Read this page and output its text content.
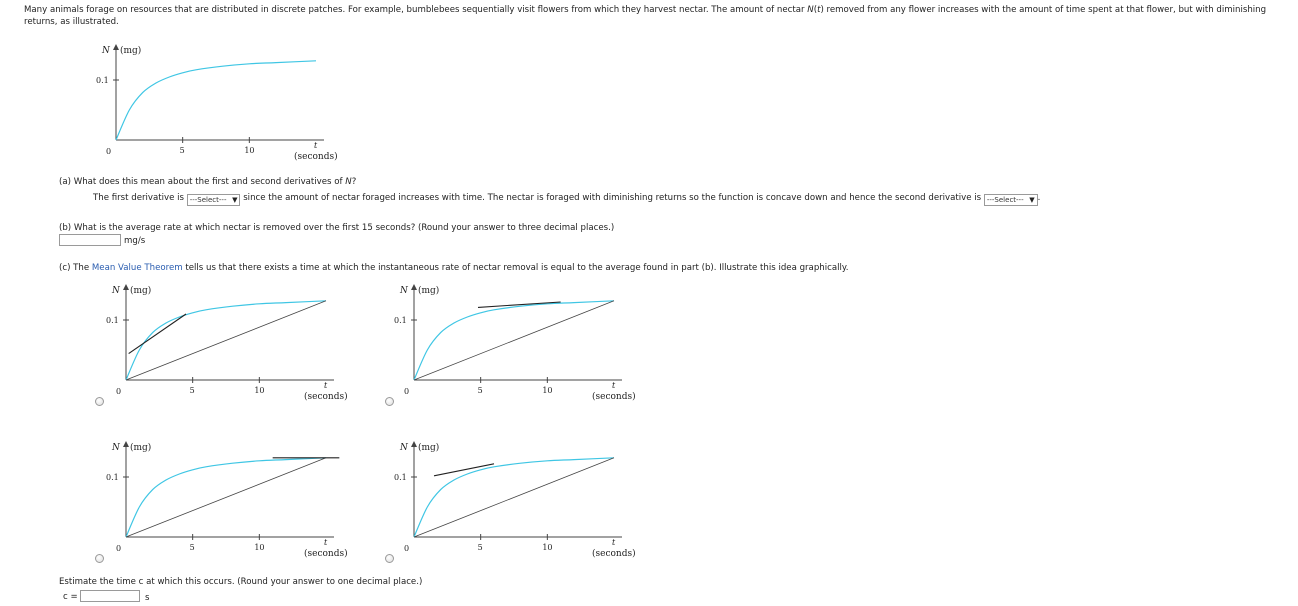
Many animals forage on resources that are distributed in discrete patches. For example, bumblebees sequentially visit flowers from which they harvest nectar. The amount of nectar N(t) removed from any flower increases with the amount of time spent at that flower, but with diminishing returns, as illustrated.
N (mg)
0.1
0	5	10
t
(seconds)
(a) What does this mean about the first and second derivatives of N?
The first derivative is ---Select--- ▼ since the amount of nectar foraged increases with time. The nectar is foraged with diminishing returns so the function is concave down and hence the second derivative is ---Select--- ▼ .
(b) What is the average rate at which nectar is removed over the first 15 seconds? (Round your answer to three decimal places.)
mg/s
(c) The Mean Value Theorem tells us that there exists a time at which the instantaneous rate of nectar removal is equal to the average found in part (b). Illustrate this idea graphically.
N (mg)
0.1
0	5	10
t
(seconds)
N (mg)
0.1
0	5	10
t
(seconds)
N (mg)
0.1
0	5	10
t
(seconds)
N (mg)
0.1
0	5	10
t
(seconds)
Estimate the time c at which this occurs. (Round your answer to one decimal place.)
c =	s
